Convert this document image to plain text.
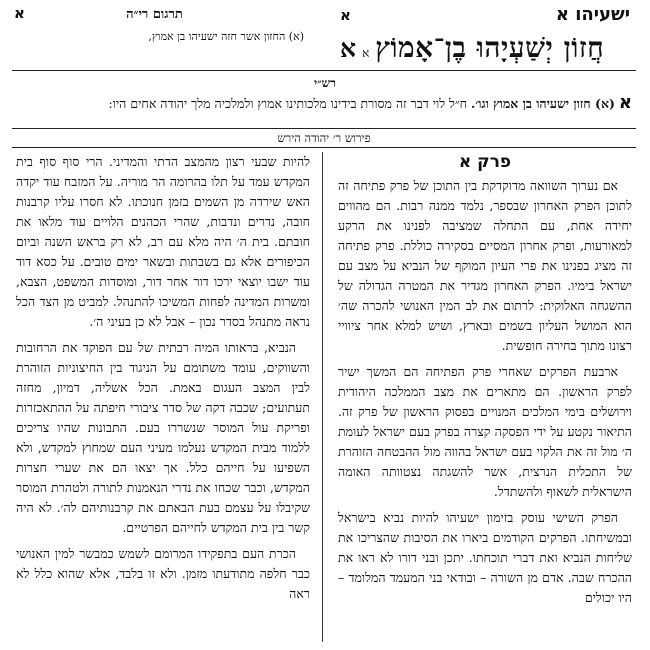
ישעיהו א
א
חֲזוֹן יְשַׁעְיָהוּ בֶן־אָמוֹץ
א
א
תרגום רי״ה
א
(א) החזון אשר חזה ישעיהו בן אמוץ,
רש״י
א (א) חזון ישעיהו בן אמוץ וגו׳. ח״ל לוי דבר זה מסורת בידינו מלכותינו אמוץ ולמלכיה מלך יהודה אחים היו:
פירוש ר׳ יהודה הירש
פרק א

אם נערוך השוואה מדוקדקת בין התוכן של פרק פתיחה זה לתוכן הפרק האחרון שבספר, נלמד ממנה רבות. הם מהווים יחידה אחת, עם התחלה שמציבה לפנינו את הרקע למאורעות, ופרק אחרון המסיים בסקירה כוללת. פרק פתיחה זה מציג בפנינו את פרי העיון המוקף של הנביא על מצב עם ישראל בימיו. הפרק האחרון מגדיר את המטרה הגדולה של ההשגחה האלוקית: לרתום את לב המין האנושי להכרה שה׳ הוא המושל העליון בשמים ובארץ, ושיש למלא אחר ציוויי רצונו מתוך בחירה חופשית.

ארבעת הפרקים שאחרי פרק הפתיחה הם המשך ישיר לפרק הראשון. הם מתארים את מצב הממלכה היהודית וירושלים בימי המלכים המנויים בפסוק הראשון של פרק זה. התיאור נקטע על ידי הפסקה קצרה בפרק בעם ישראל לעומת ה׳ מול זה את הלקוי בעם ישראל בהווה מול ההבטחה הזוהרת של התכלית הנרצית, אשר להשגתה נצטוותה האומה הישראלית לשאוף ולהשתדל.

הפרק השישי עוסק בזימון ישעיהו להיות נביא בישראל ובמשיחתו. הפרקים הקודמים ביארו את הסיבות שהצריכו את שליחות הנביא ואת דברי תוכחתו. יתכן ובני דורו לא ראו את ההכרח שבה. אדם מן השורה – ובודאי בני המעמד המלומד – היו יכולים

להיות שבעי רצון מהמצב הדתי והמדיני. הרי סוף סוף בית המקדש עמד על תלו בהרומה הר מוריה. על המזבח עוד יקדה האש שירדה מן השמים בזמן חנוכתו. לא חסרו עליו קרבנות חובה, נדרים ונדבות, שהרי הכהנים הלויים עוד מלאו את חובתם. בית ה׳ היה מלא עם רב, לא רק בראש השנה וביום הכיפורים אלא גם בשבתות ובשאר ימים טובים. על כסא דוד עוד ישבו יוצאי ירכו דור אחר דור, ומוסדות המשפט, הצבא, ומשרות המדינה לפחות המשיכו להתנהל. למביט מן הצד הכל נראה מתנהל בסדר נכון – אבל לא כן בעיני ה׳.

הנביא, בראותו המיה רבתית של עם הפוקד את הרחובות והשווקים, עומד משתומם על הניגוד בין החיצוניות הזוהרת לבין המצב העגום באמת. הכל אשליה, דמיון, מחזה תעתועים; שכבה דקה של סדר ציבורי חיפתה על ההתאכזרות ופריקת עול המוסר שנשררו בעם. התבונות שהיו צריכים ללמוד מבית המקדש נעלמו מעיני העם שמחוץ למקדש, ולא השפיעו על חייהם כלל. אך יצאו הם את שערי חצרות המקדש, וכבר שכחו את נדרי הנאמנות לתורה ולטהרת המוסר שקיבלו על עצמם בעת הבאתם את קרבנותיהם לה׳. לא היה קשר בין בית המקדש לחייהם הפרטיים.

הכרת העם בתפקידו המרומם לשמש כמבשר למין האנושי כבר חלפה מתודעתו מזמן. ולא זו בלבד, אלא שהוא כלל לא ראה
